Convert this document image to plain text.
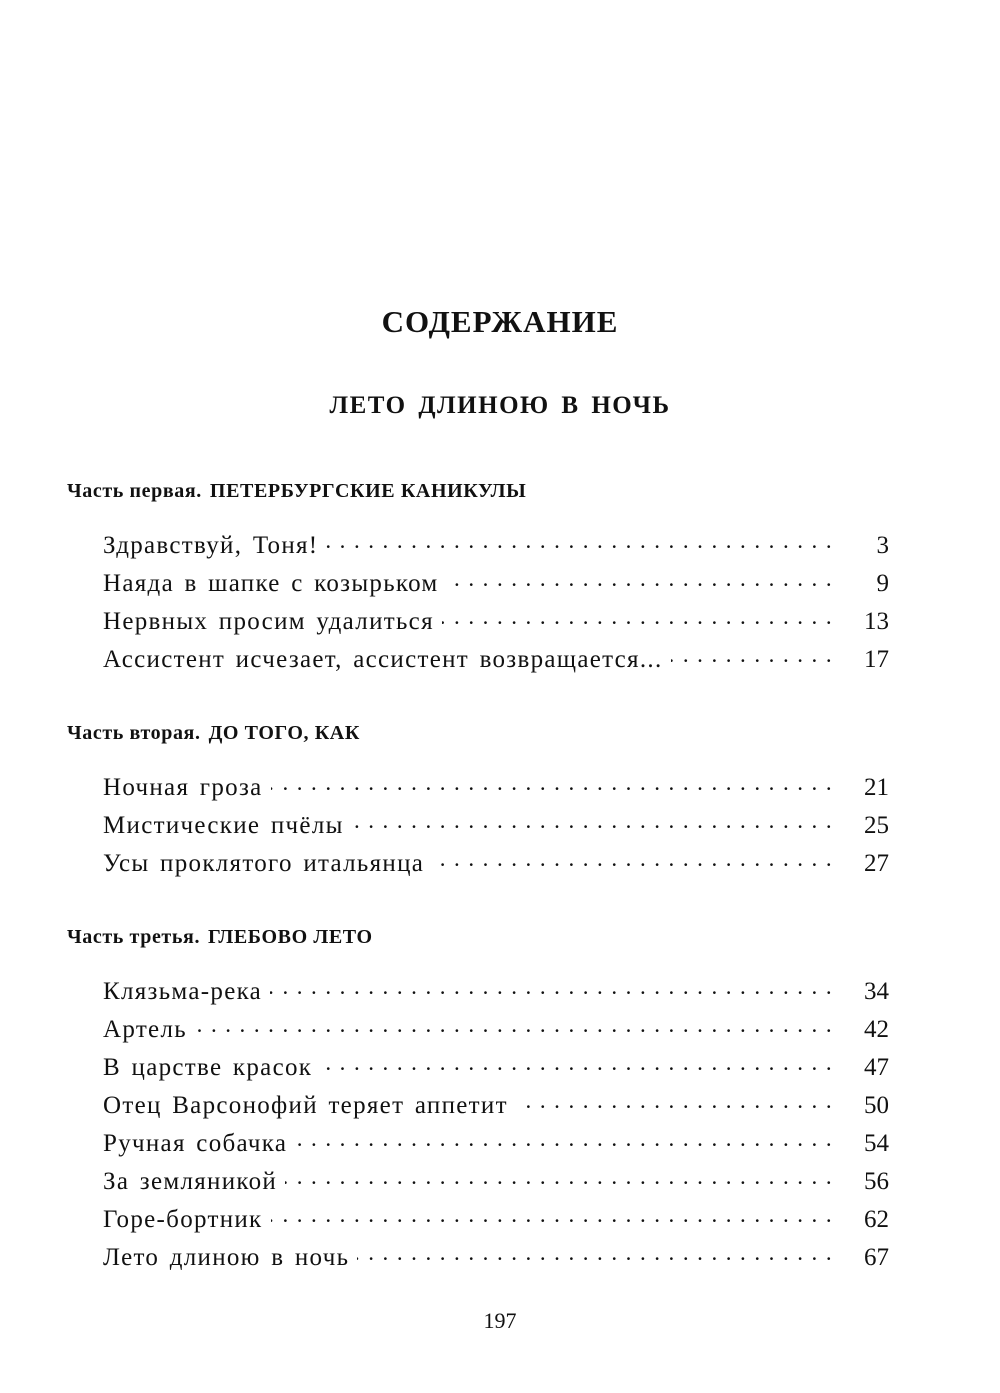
СОДЕРЖАНИЕ
ЛЕТО ДЛИНОЮ В НОЧЬ
Часть первая. ПЕТЕРБУРГСКИЕ КАНИКУЛЫ
Здравствуй, Тоня! . . .	3
Наяда в шапке с козырьком . . .	9
Нервных просим удалиться . . .	13
Ассистент исчезает, ассистент возвращается... . . .	17
Часть вторая. ДО ТОГО, КАК
Ночная гроза . . .	21
Мистические пчёлы . . .	25
Усы проклятого итальянца . . .	27
Часть третья. ГЛЕБОВО ЛЕТО
Клязьма-река . . .	34
Артель . . .	42
В царстве красок . . .	47
Отец Варсонофий теряет аппетит . . .	50
Ручная собачка . . .	54
За земляникой . . .	56
Горе-бортник . . .	62
Лето длиною в ночь . . .	67
197
